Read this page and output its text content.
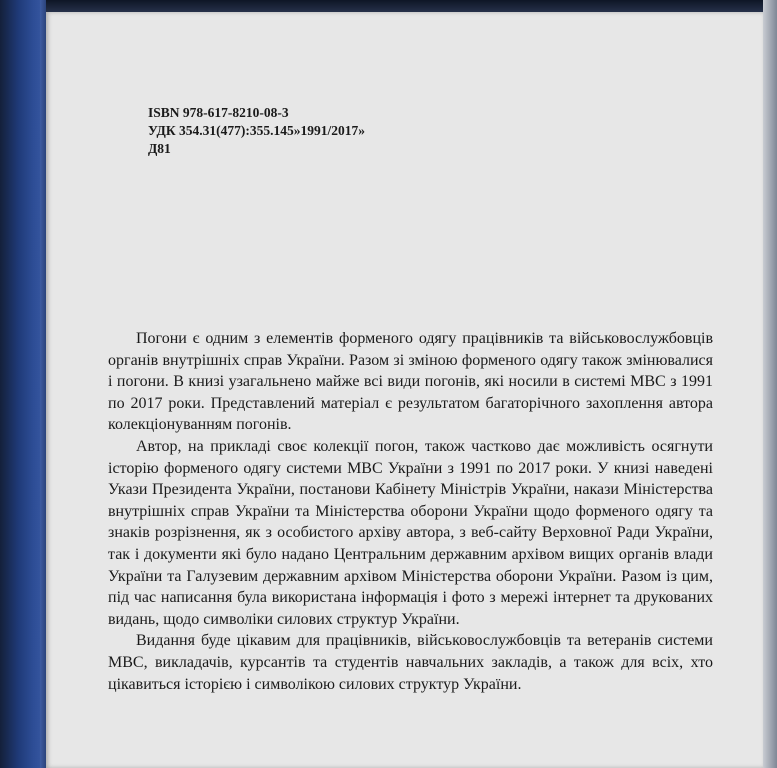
ISBN 978-617-8210-08-3
УДК 354.31(477):355.145»1991/2017»
Д81

Погони є одним з елементів форменого одягу працівників та військовослужбовців органів внутрішніх справ України. Разом зі зміною форменого одягу також змінювалися і погони. В книзі узагальнено майже всі види погонів, які носили в системі МВС з 1991 по 2017 роки. Представлений матеріал є результатом багаторічного захоплення автора колекціонуванням погонів.

Автор, на прикладі своє колекції погон, також частково дає можливість осягнути історію форменого одягу системи МВС України з 1991 по 2017 роки. У книзі наведені Укази Президента України, постанови Кабінету Міністрів України, накази Міністерства внутрішніх справ України та Міністерства оборони України щодо форменого одягу та знаків розрізнення, як з особистого архіву автора, з веб-сайту Верховної Ради України, так і документи які було надано Центральним державним архівом вищих органів влади України та Галузевим державним архівом Міністерства оборони України. Разом із цим, під час написання була використана інформація і фото з мережі інтернет та друкованих видань, щодо символіки силових структур України.

Видання буде цікавим для працівників, військовослужбовців та ветеранів системи МВС, викладачів, курсантів та студентів навчальних закладів, а також для всіх, хто цікавиться історією і символікою силових структур України.
